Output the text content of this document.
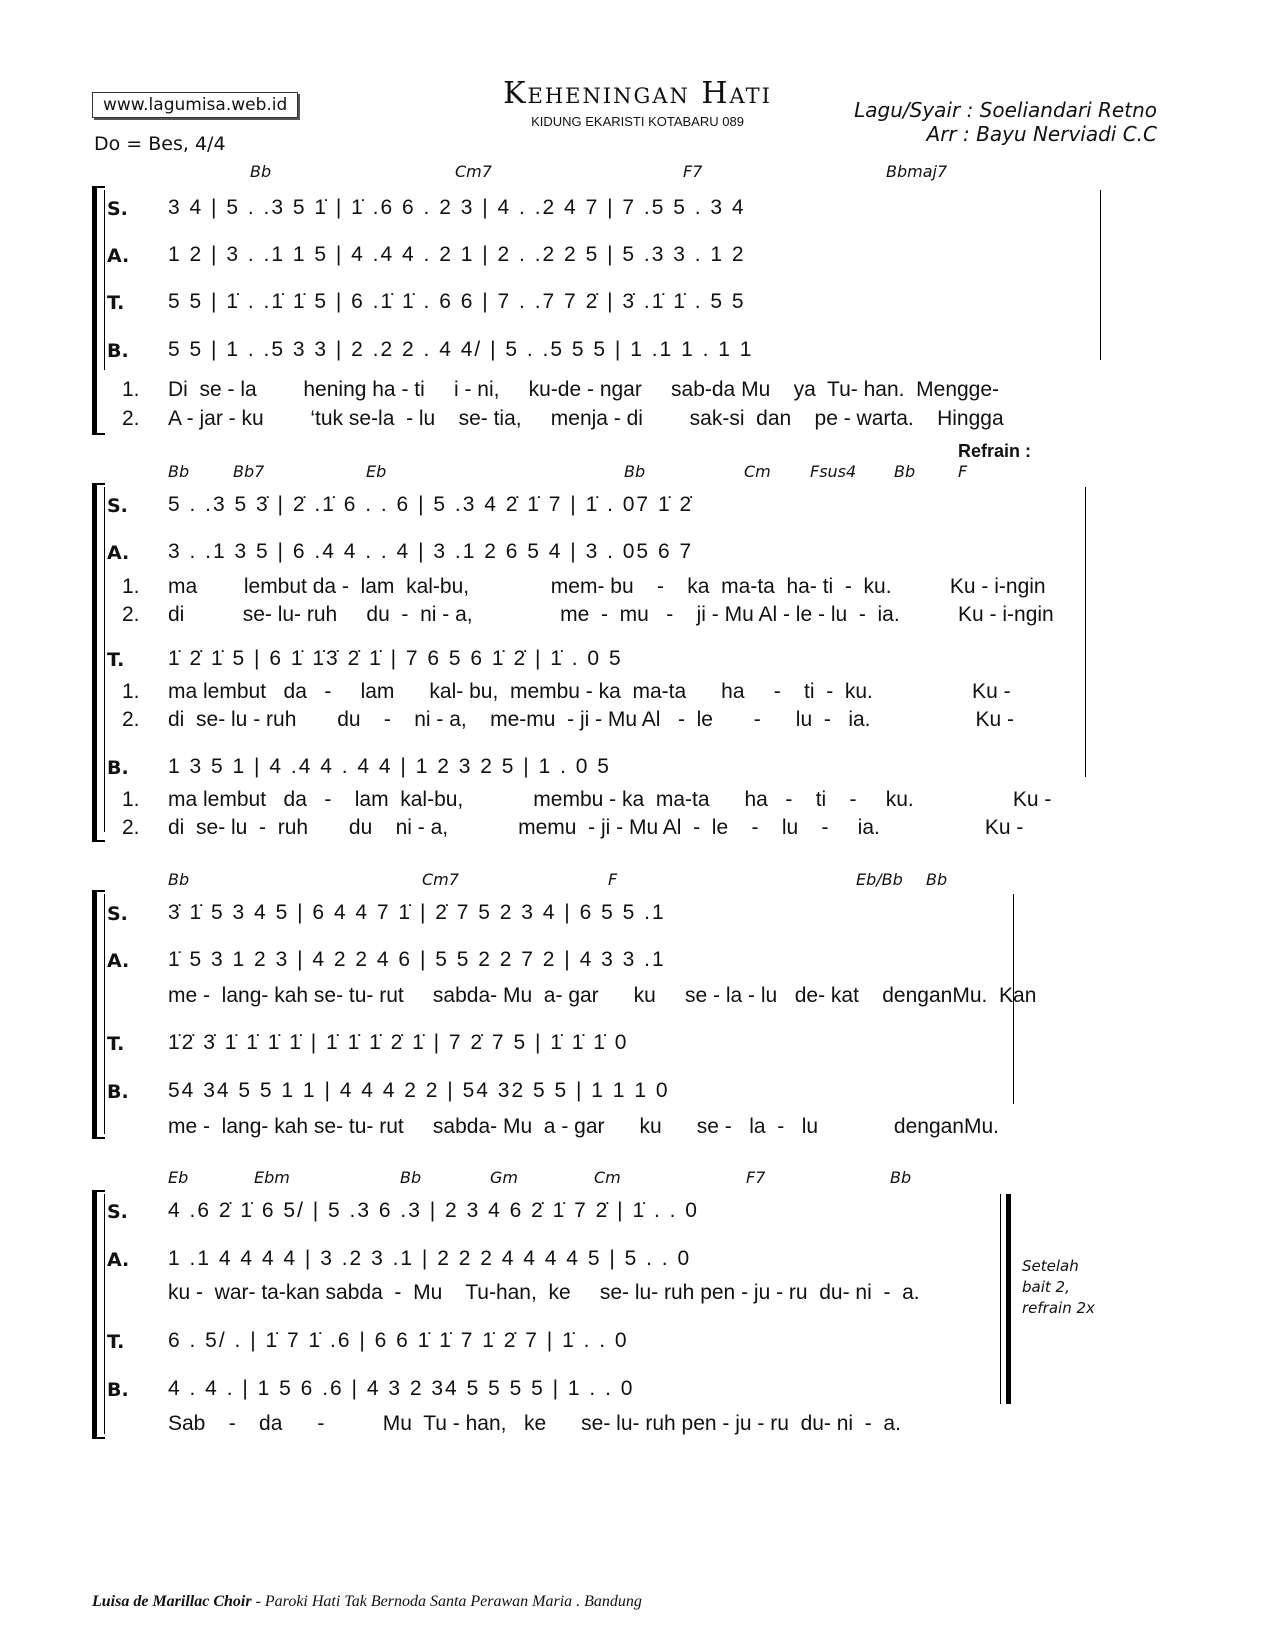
www.lagumisa.web.id
Do = Bes, 4/4
Keheningan Hati
KIDUNG EKARISTI KOTABARU 089	Lagu/Syair : Soeliandari Retno
Arr : Bayu Nerviadi C.C
Bb	Cm7	F7	Bbmaj7
S. 3 4 | 5 . .3 5 1̇ | 1̇ .6 6 . 2 3 | 4 . .2 4 7 | 7 .5 5 . 3 4
A. 1 2 | 3 . .1 1 5 | 4 .4 4 . 2 1 | 2 . .2 2 5 | 5 .3 3 . 1 2
T. 5 5 | 1̇ . .1̇ 1̇ 5 | 6 .1̇ 1̇ . 6 6 | 7 . .7 7 2̇ | 3̇ .1̇ 1̇ . 5 5
B. 5 5 | 1 . .5 3 3 | 2 .2 2 . 4 4/ | 5 . .5 5 5 | 1 .1 1 . 1 1
1. Di  se - la        hening ha - ti     i - ni,     ku-de - ngar     sab-da Mu    ya  Tu- han.  Mengge-
2. A - jar - ku        ‘tuk se-la  - lu    se- tia,     menja - di        sak-si  dan    pe - warta.    Hingga
Refrain :
Bb	Bb7	Eb	Bb	Cm Fsus4 Bb	F
S. 5 . .3 5 3̇ | 2̇ .1̇ 6 . . 6 | 5 .3 4 2̇ 1̇ 7 | 1̇ . 07 1̇ 2̇
A. 3 . .1 3 5 | 6 .4 4 . . 4 | 3 .1 2 6 5 4 | 3 . 05 6 7
1. ma        lembut da -  lam  kal-bu,              mem- bu    -    ka  ma-ta  ha- ti  -  ku.          Ku - i-ngin
2. di          se- lu- ruh     du  -  ni - a,               me  -  mu   -    ji - Mu Al - le - lu  -  ia.          Ku - i-ngin
T. 1̇ 2̇ 1̇ 5 | 6 1̇ 1̇3̇ 2̇ 1̇ | 7 6 5 6 1̇ 2̇ | 1̇ . 0 5
1. ma lembut   da   -     lam      kal- bu,  membu - ka  ma-ta      ha     -    ti  -  ku.                 Ku -
2. di  se- lu - ruh       du    -    ni - a,    me-mu  - ji - Mu Al   -  le       -      lu  -   ia.                  Ku -
B. 1 3 5 1 | 4 .4 4 . 4 4 | 1 2 3 2 5 | 1 . 0 5
1. ma lembut   da   -    lam  kal-bu,            membu - ka  ma-ta      ha   -    ti    -     ku.                 Ku -
2. di  se- lu  -  ruh       du    ni - a,            memu  - ji - Mu Al  -  le    -    lu    -     ia.                  Ku -
Bb	Cm7	F	Eb/Bb Bb
S. 3̇ 1̇ 5 3 4 5 | 6 4 4 7 1̇ | 2̇ 7 5 2 3 4 | 6 5 5 .1
A. 1̇ 5 3 1 2 3 | 4 2 2 4 6 | 5 5 2 2 7 2 | 4 3 3 .1
me -  lang- kah se- tu- rut     sabda- Mu  a- gar      ku     se - la - lu   de- kat    denganMu.  Kan
T. 1̇2̇ 3̇ 1̇ 1̇ 1̇ 1̇ | 1̇ 1̇ 1̇ 2̇ 1̇ | 7 2̇ 7 5 | 1̇ 1̇ 1̇ 0
B. 54 34 5 5 1 1 | 4 4 4 2 2 | 54 32 5 5 | 1 1 1 0
me -  lang- kah se- tu- rut     sabda- Mu  a - gar      ku      se -   la  -   lu             denganMu.
Eb	Ebm	Bb	Gm	Cm	F7	Bb
S. 4 .6 2̇ 1̇ 6 5/ | 5 .3 6 .3 | 2 3 4 6 2̇ 1̇ 7 2̇ | 1̇ . . 0
A. 1 .1 4 4 4 4 | 3 .2 3 .1 | 2 2 2 4 4 4 4 5 | 5 . . 0
ku -  war- ta-kan sabda  -  Mu    Tu-han,  ke     se- lu- ruh pen - ju - ru  du- ni  -  a.
T. 6 . 5/ . | 1̇ 7 1̇ .6 | 6 6 1̇ 1̇ 7 1̇ 2̇ 7 | 1̇ . . 0
B. 4 . 4 . | 1 5 6 .6 | 4 3 2 34 5 5 5 5 | 1 . . 0
Sab    -    da      -          Mu  Tu - han,   ke      se- lu- ruh pen - ju - ru  du- ni  -  a.
Setelah
bait 2,
refrain 2x
Luisa de Marillac Choir - Paroki Hati Tak Bernoda Santa Perawan Maria . Bandung
